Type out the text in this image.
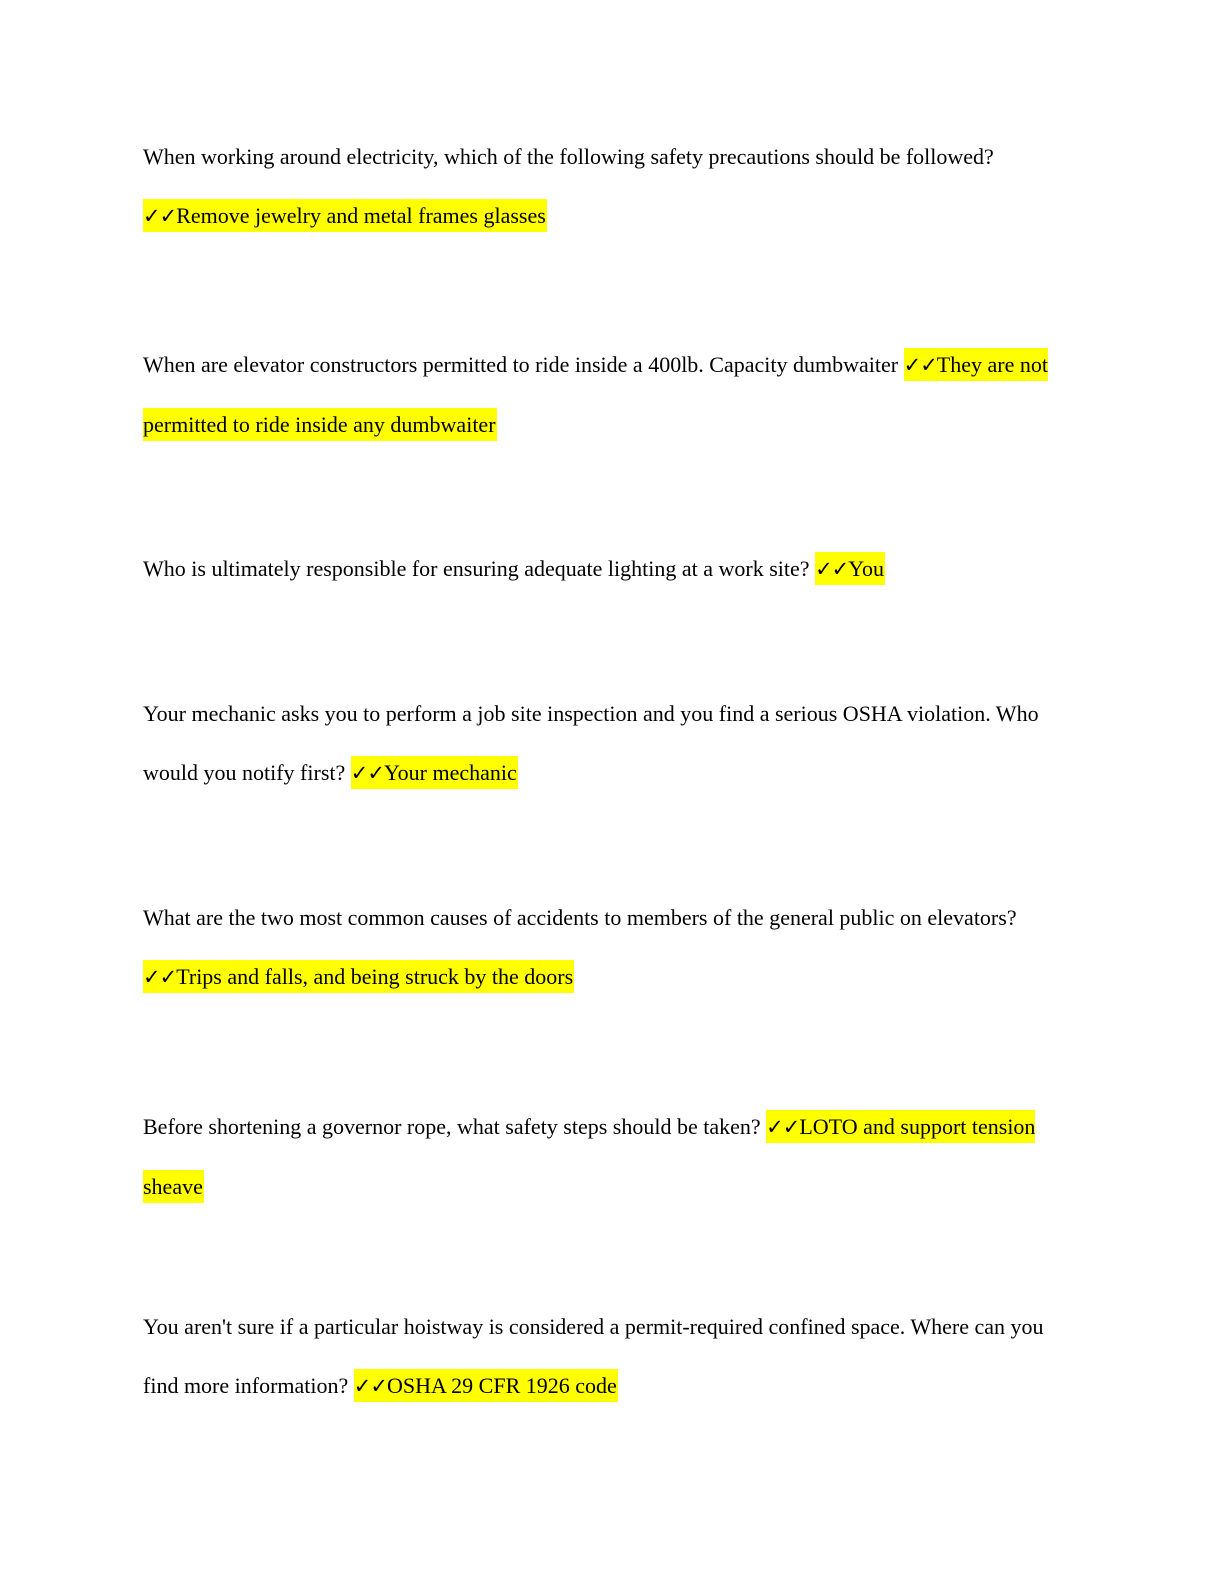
When working around electricity, which of the following safety precautions should be followed?
✓✓Remove jewelry and metal frames glasses

When are elevator constructors permitted to ride inside a 400lb. Capacity dumbwaiter ✓✓They are not permitted to ride inside any dumbwaiter

Who is ultimately responsible for ensuring adequate lighting at a work site? ✓✓You

Your mechanic asks you to perform a job site inspection and you find a serious OSHA violation. Who would you notify first? ✓✓Your mechanic

What are the two most common causes of accidents to members of the general public on elevators? ✓✓Trips and falls, and being struck by the doors

Before shortening a governor rope, what safety steps should be taken? ✓✓LOTO and support tension sheave

You aren't sure if a particular hoistway is considered a permit-required confined space. Where can you find more information? ✓✓OSHA 29 CFR 1926 code
